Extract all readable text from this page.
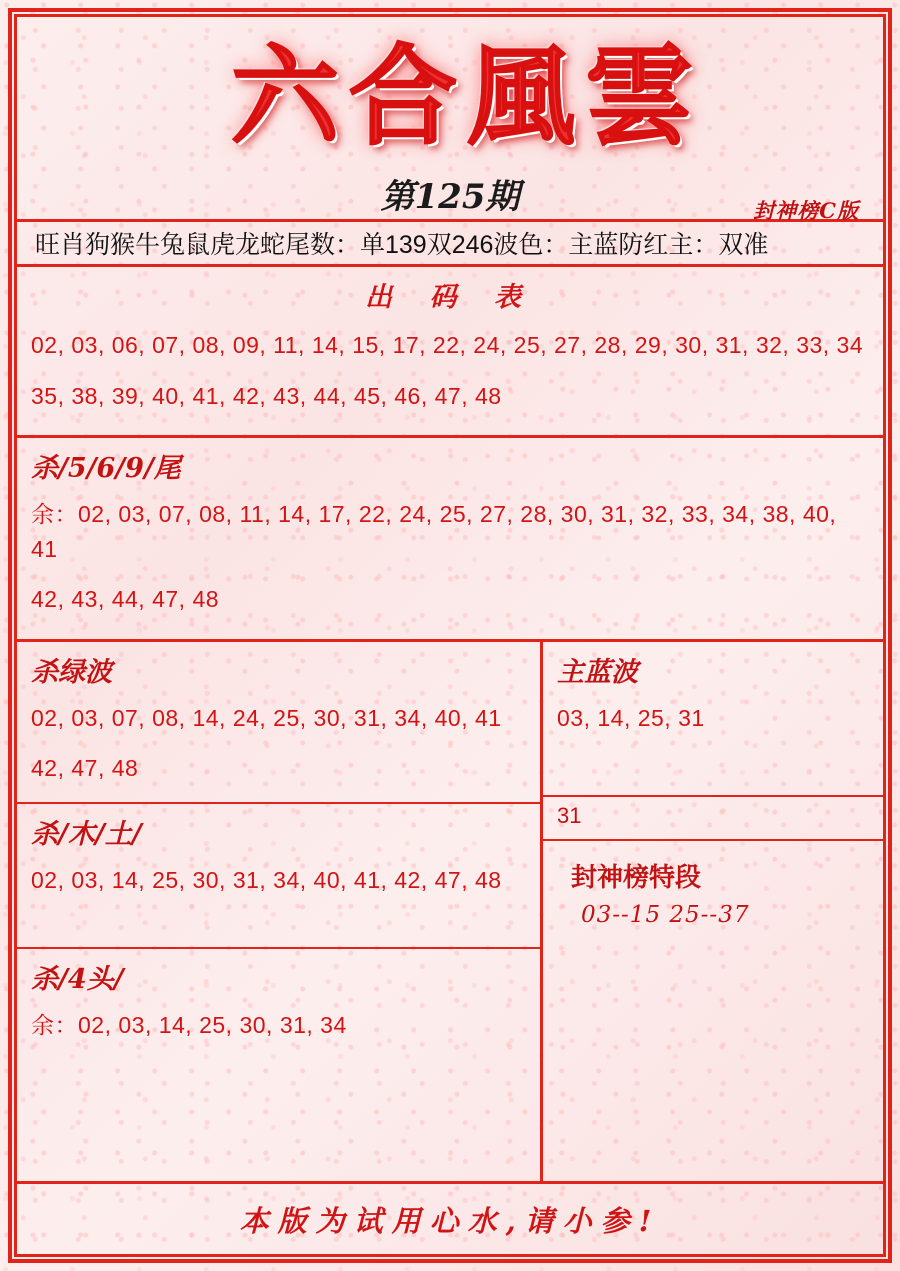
六合風雲
第125期	封神榜C版
旺肖狗猴牛兔鼠虎龙蛇尾数：单139双246波色：主蓝防红主：双准
出 码 表
02, 03, 06, 07, 08, 09, 11, 14, 15, 17, 22, 24, 25, 27, 28, 29, 30, 31, 32, 33, 34
35, 38, 39, 40, 41, 42, 43, 44, 45, 46, 47, 48
杀/5/6/9/尾
余：02, 03, 07, 08, 11, 14, 17, 22, 24, 25, 27, 28, 30, 31, 32, 33, 34, 38, 40, 41
42, 43, 44, 47, 48
杀绿波
02, 03, 07, 08, 14, 24, 25, 30, 31, 34, 40, 41
42, 47, 48
杀/木/土/
02, 03, 14, 25, 30, 31, 34, 40, 41, 42, 47, 48
杀/4头/
余：02, 03, 14, 25, 30, 31, 34
主蓝波
03, 14, 25, 31
31
封神榜特段
03--15 25--37
本版为试用心水,请小参!
